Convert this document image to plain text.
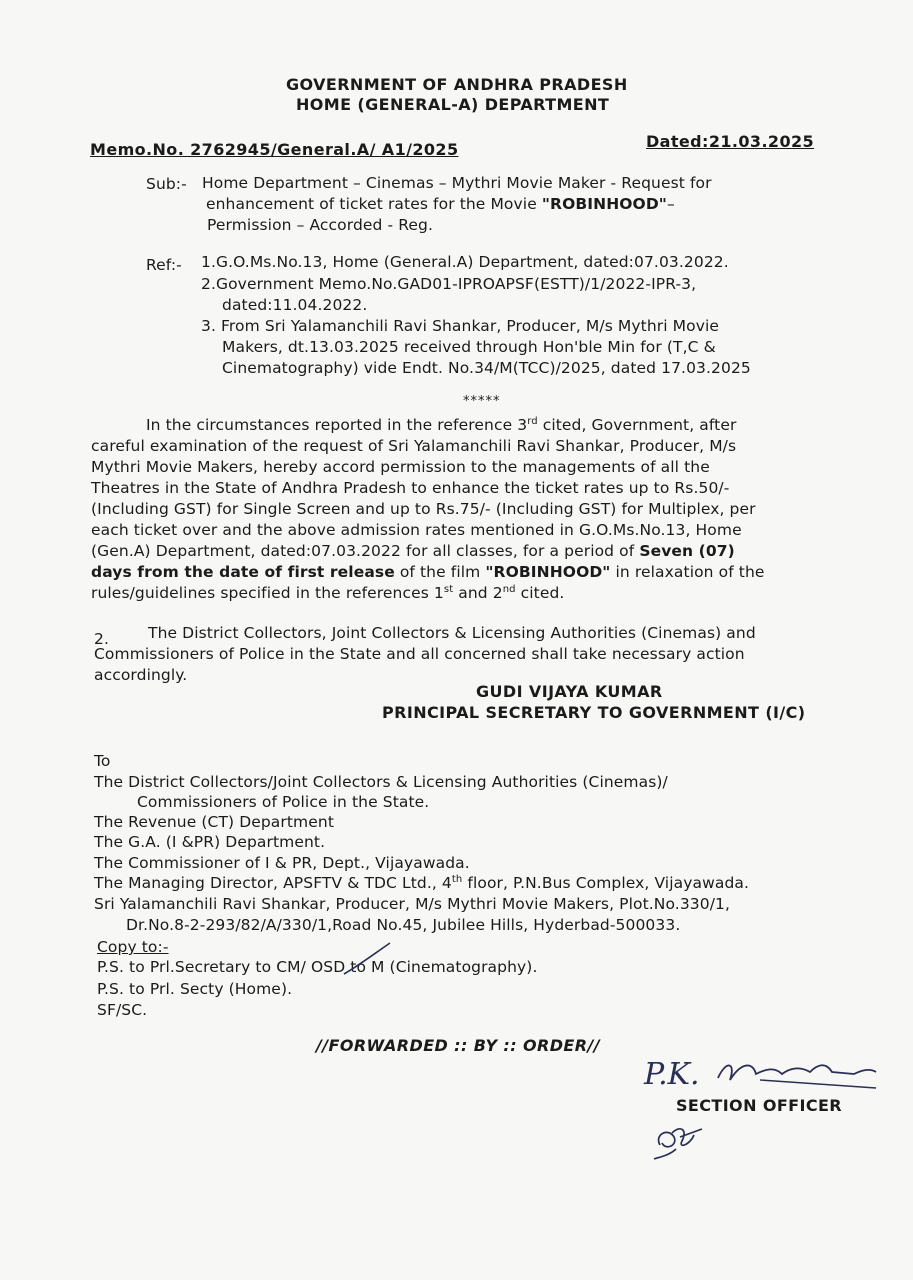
GOVERNMENT OF ANDHRA PRADESH
HOME (GENERAL-A) DEPARTMENT
Memo.No. 2762945/General.A/ A1/2025	Dated:21.03.2025
Sub:- Home Department – Cinemas – Mythri Movie Maker - Request for
enhancement of ticket rates for the Movie "ROBINHOOD"–
Permission – Accorded - Reg.
Ref:- 1.G.O.Ms.No.13, Home (General.A) Department, dated:07.03.2022.
2.Government Memo.No.GAD01-IPROAPSF(ESTT)/1/2022-IPR-3,
dated:11.04.2022.
3. From Sri Yalamanchili Ravi Shankar, Producer, M/s Mythri Movie
Makers, dt.13.03.2025 received through Hon'ble Min for (T,C &
Cinematography) vide Endt. No.34/M(TCC)/2025, dated 17.03.2025
*****
In the circumstances reported in the reference 3rd cited, Government, after
careful examination of the request of Sri Yalamanchili Ravi Shankar, Producer, M/s
Mythri Movie Makers, hereby accord permission to the managements of all the
Theatres in the State of Andhra Pradesh to enhance the ticket rates up to Rs.50/-
(Including GST) for Single Screen and up to Rs.75/- (Including GST) for Multiplex, per
each ticket over and the above admission rates mentioned in G.O.Ms.No.13, Home
(Gen.A) Department, dated:07.03.2022 for all classes, for a period of Seven (07)
days from the date of first release of the film "ROBINHOOD" in relaxation of the
rules/guidelines specified in the references 1st and 2nd cited.
2.	The District Collectors, Joint Collectors & Licensing Authorities (Cinemas) and
Commissioners of Police in the State and all concerned shall take necessary action
accordingly.
GUDI VIJAYA KUMAR
PRINCIPAL SECRETARY TO GOVERNMENT (I/C)
To
The District Collectors/Joint Collectors & Licensing Authorities (Cinemas)/
Commissioners of Police in the State.
The Revenue (CT) Department
The G.A. (I &PR) Department.
The Commissioner of I & PR, Dept., Vijayawada.
The Managing Director, APSFTV & TDC Ltd., 4th floor, P.N.Bus Complex, Vijayawada.
Sri Yalamanchili Ravi Shankar, Producer, M/s Mythri Movie Makers, Plot.No.330/1,
Dr.No.8-2-293/82/A/330/1,Road No.45, Jubilee Hills, Hyderbad-500033.
Copy to:-
P.S. to Prl.Secretary to CM/ OSD to M (Cinematography).
P.S. to Prl. Secty (Home).
SF/SC.
//FORWARDED :: BY :: ORDER//
P.K.
SECTION OFFICER
